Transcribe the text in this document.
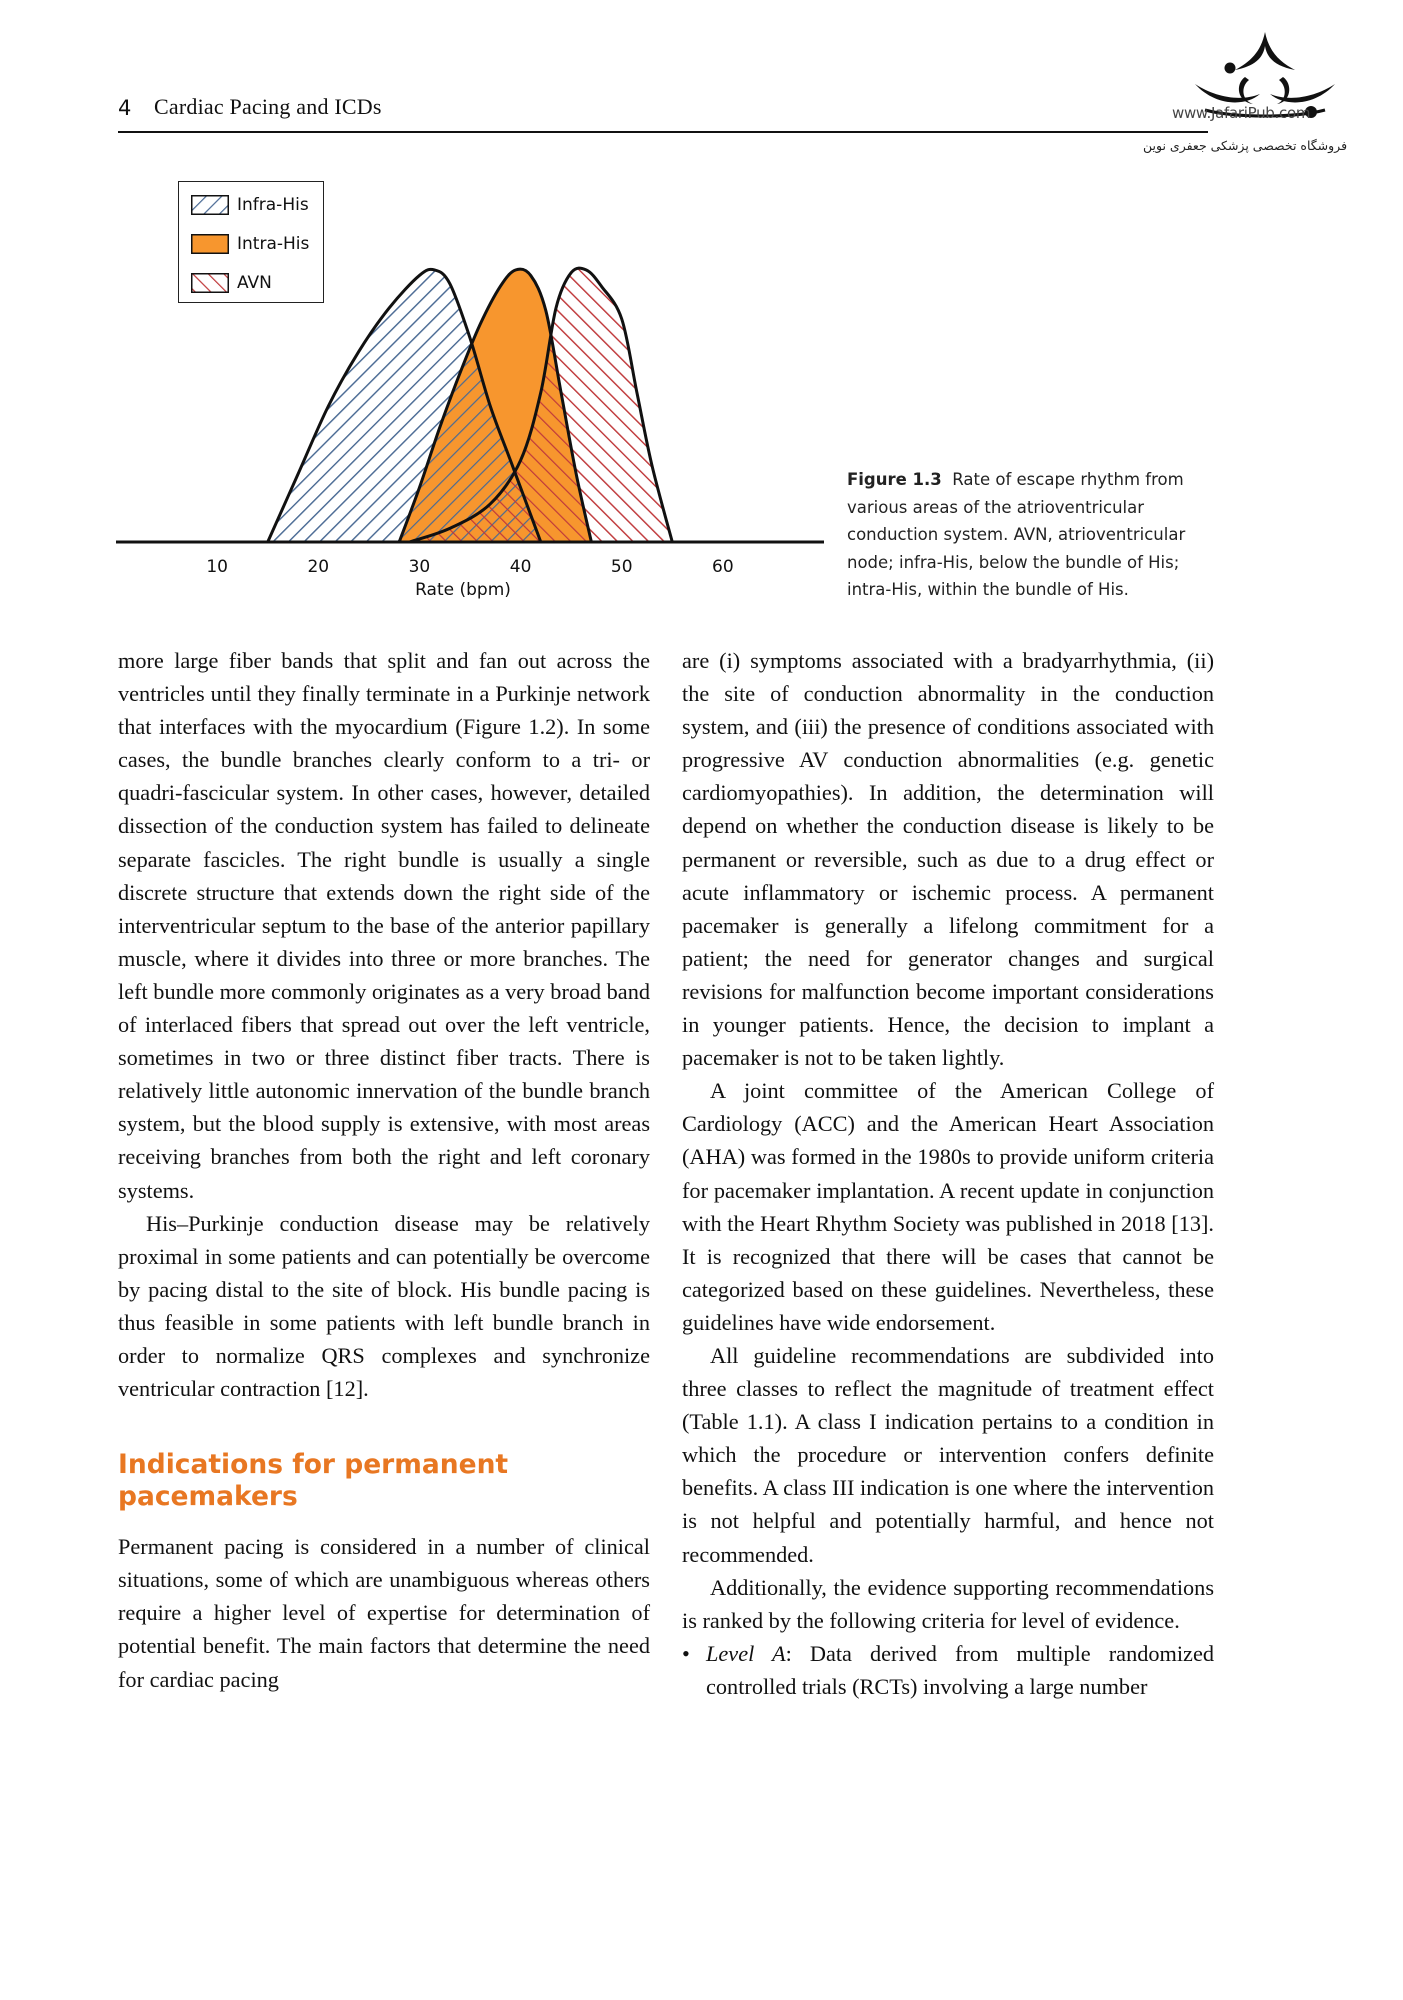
4 Cardiac Pacing and ICDs	www.JafariPub.com
فروشگاه تخصصی پزشکی جعفری نوین
10	20	30	40	50	60
Rate (bpm)
Infra-His
Intra-His
AVN
Figure 1.3 Rate of escape rhythm from various areas of the atrioventricular conduction system. AVN, atrioventricular node; infra-His, below the bundle of His; intra-His, within the bundle of His.

more large fiber bands that split and fan out across the ventricles until they finally terminate in a Purkinje network that interfaces with the myocardium (Figure 1.2). In some cases, the bundle branches clearly conform to a tri- or quadri-fascicular system. In other cases, however, detailed dissection of the conduction system has failed to delineate separate fascicles. The right bundle is usually a single discrete structure that extends down the right side of the interventricular septum to the base of the anterior papillary muscle, where it divides into three or more branches. The left bundle more commonly originates as a very broad band of interlaced fibers that spread out over the left ventricle, sometimes in two or three distinct fiber tracts. There is relatively little autonomic innervation of the bundle branch system, but the blood supply is extensive, with most areas receiving branches from both the right and left coronary systems.

His–Purkinje conduction disease may be relatively proximal in some patients and can potentially be overcome by pacing distal to the site of block. His bundle pacing is thus feasible in some patients with left bundle branch in order to normalize QRS complexes and synchronize ventricular contraction [12].

Indications for permanent pacemakers

Permanent pacing is considered in a number of clinical situations, some of which are unambiguous whereas others require a higher level of expertise for determination of potential benefit. The main factors that determine the need for cardiac pacing

are (i) symptoms associated with a bradyarrhythmia, (ii) the site of conduction abnormality in the conduction system, and (iii) the presence of conditions associated with progressive AV conduction abnormalities (e.g. genetic cardiomyopathies). In addition, the determination will depend on whether the conduction disease is likely to be permanent or reversible, such as due to a drug effect or acute inflammatory or ischemic process. A permanent pacemaker is generally a lifelong commitment for a patient; the need for generator changes and surgical revisions for malfunction become important considerations in younger patients. Hence, the decision to implant a pacemaker is not to be taken lightly.

A joint committee of the American College of Cardiology (ACC) and the American Heart Association (AHA) was formed in the 1980s to provide uniform criteria for pacemaker implantation. A recent update in conjunction with the Heart Rhythm Society was published in 2018 [13]. It is recognized that there will be cases that cannot be categorized based on these guidelines. Nevertheless, these guidelines have wide endorsement.

All guideline recommendations are subdivided into three classes to reflect the magnitude of treatment effect (Table 1.1). A class I indication pertains to a condition in which the procedure or intervention confers definite benefits. A class III indication is one where the intervention is not helpful and potentially harmful, and hence not recommended.

Additionally, the evidence supporting recommendations is ranked by the following criteria for level of evidence.

• Level A: Data derived from multiple randomized controlled trials (RCTs) involving a large number
